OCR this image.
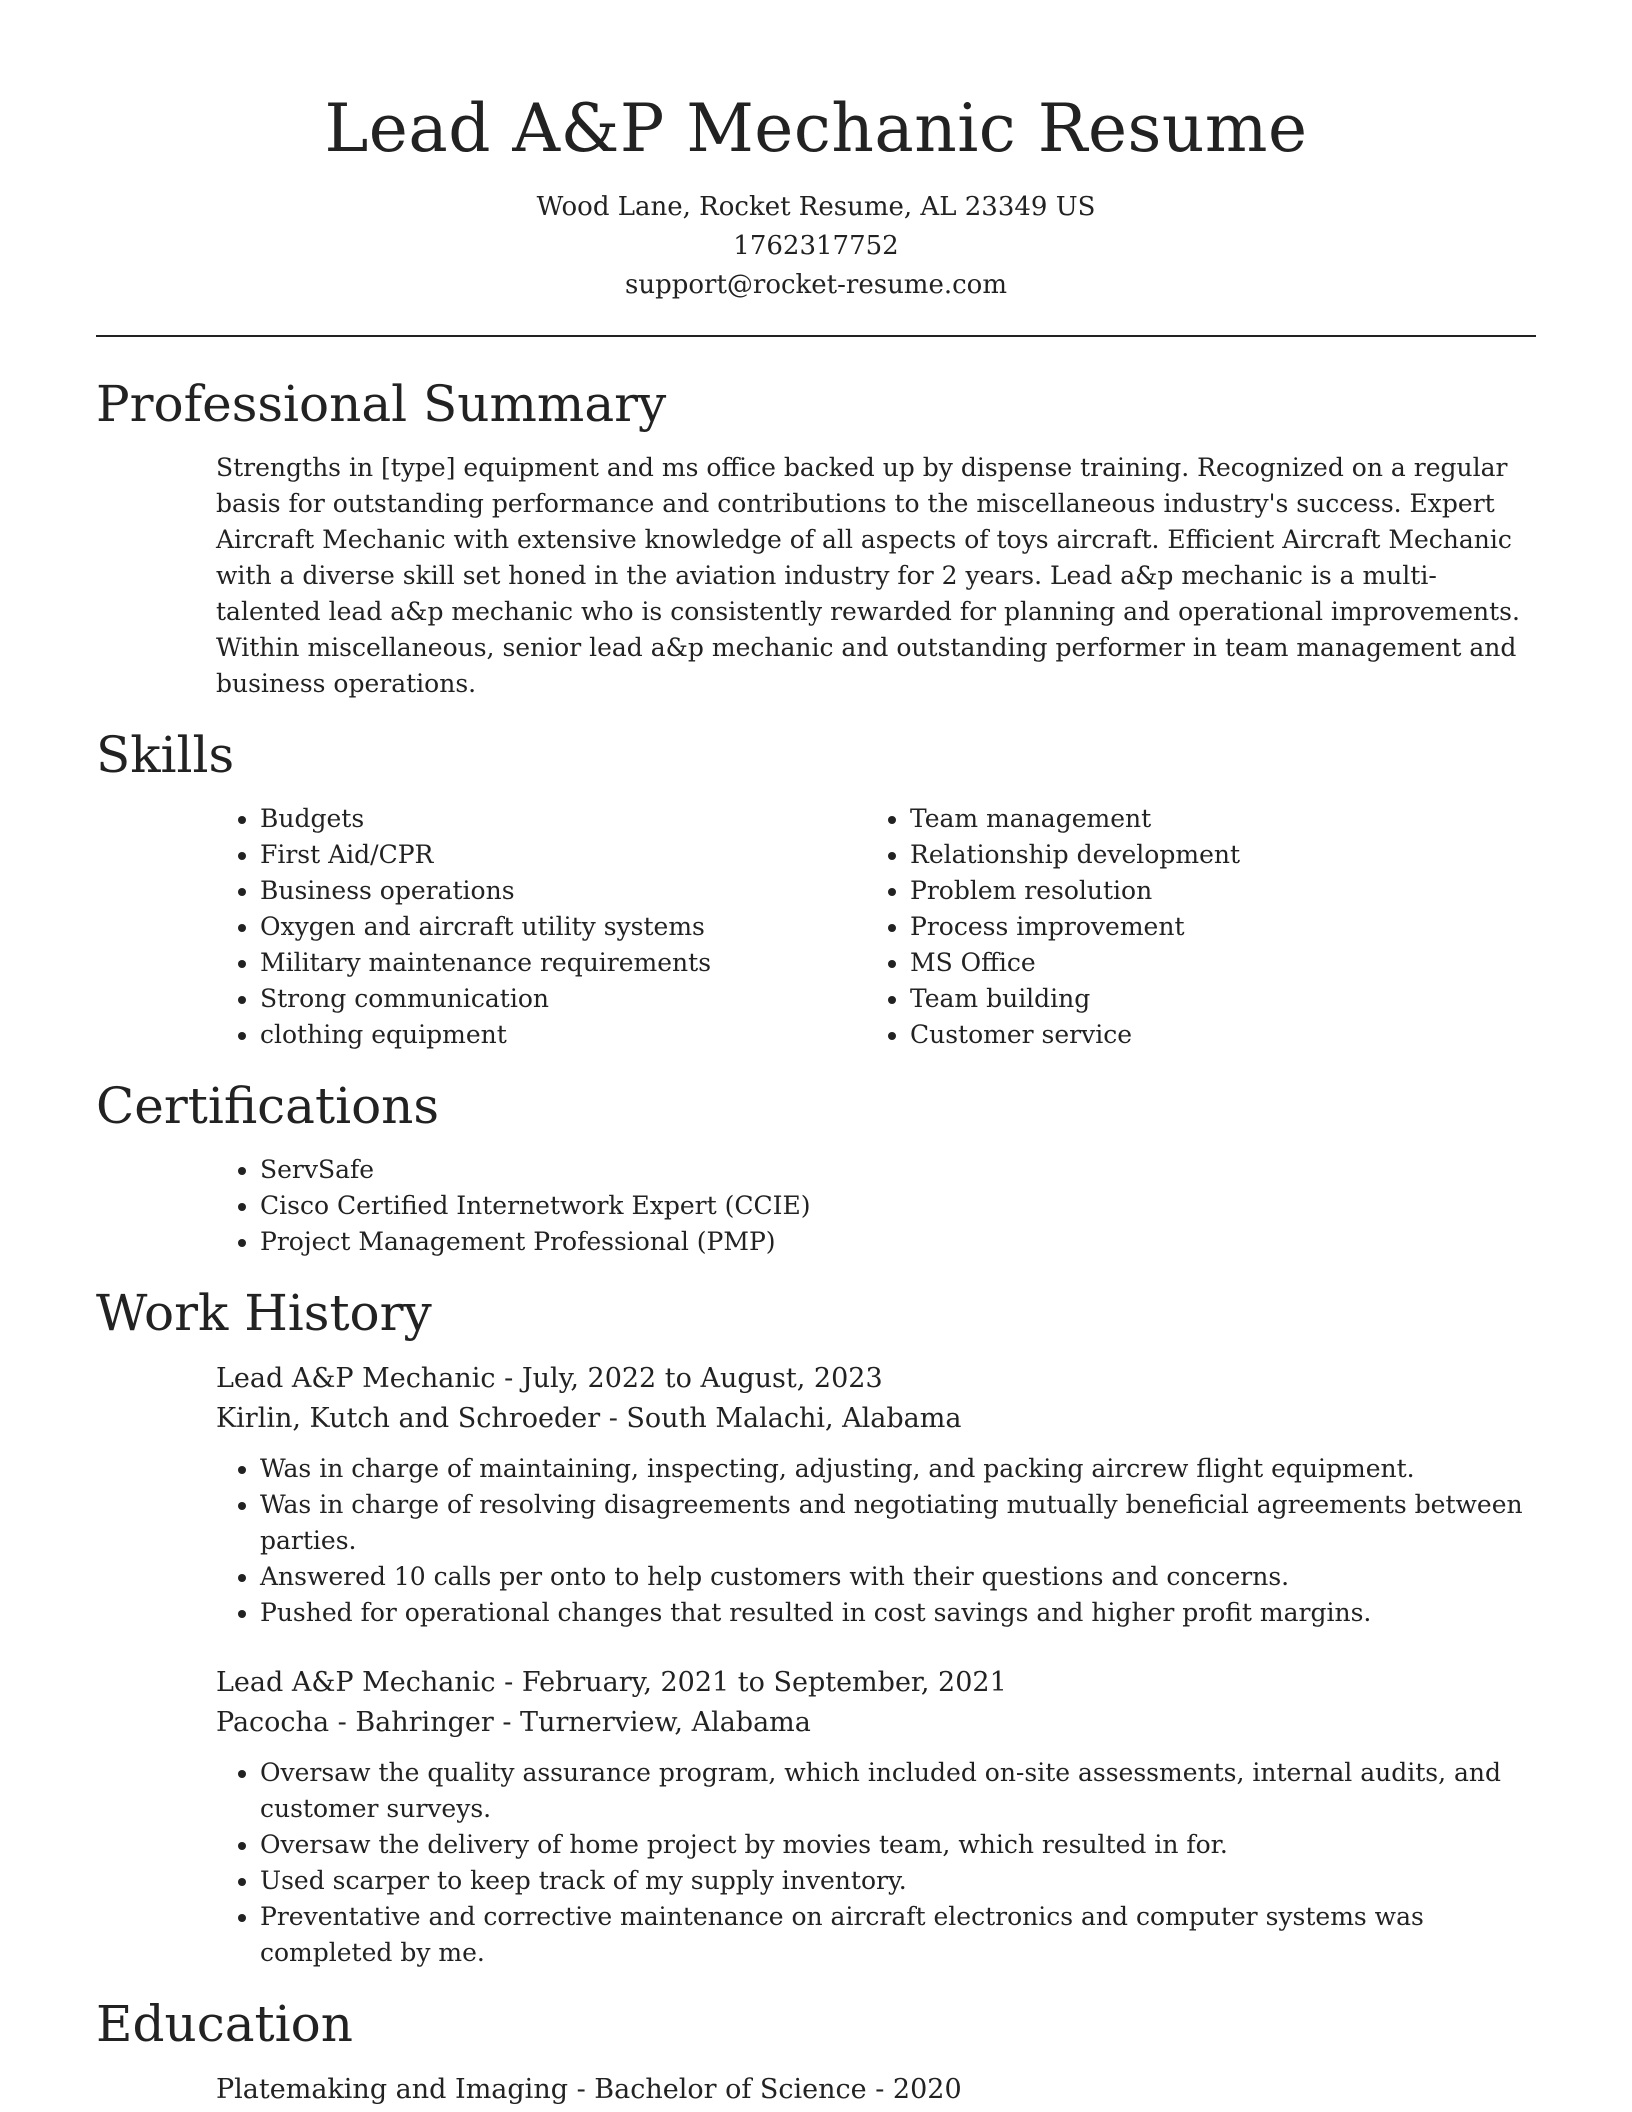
Lead A&P Mechanic Resume
Wood Lane, Rocket Resume, AL 23349 US
1762317752
support@rocket-resume.com
Professional Summary

Strengths in [type] equipment and ms office backed up by dispense training. Recognized on a regular basis for outstanding performance and contributions to the miscellaneous industry's success. Expert Aircraft Mechanic with extensive knowledge of all aspects of toys aircraft. Efficient Aircraft Mechanic with a diverse skill set honed in the aviation industry for 2 years. Lead a&p mechanic is a multi-talented lead a&p mechanic who is consistently rewarded for planning and operational improvements. Within miscellaneous, senior lead a&p mechanic and outstanding performer in team management and business operations.

Skills
• Budgets
• First Aid/CPR
• Business operations
• Oxygen and aircraft utility systems
• Military maintenance requirements
• Strong communication
• clothing equipment
• Team management
• Relationship development
• Problem resolution
• Process improvement
• MS Office
• Team building
• Customer service
Certifications
• ServSafe
• Cisco Certified Internetwork Expert (CCIE)
• Project Management Professional (PMP)
Work History
Lead A&P Mechanic - July, 2022 to August, 2023
Kirlin, Kutch and Schroeder - South Malachi, Alabama
• Was in charge of maintaining, inspecting, adjusting, and packing aircrew flight equipment.
• Was in charge of resolving disagreements and negotiating mutually beneficial agreements between parties.
• Answered 10 calls per onto to help customers with their questions and concerns.
• Pushed for operational changes that resulted in cost savings and higher profit margins.
Lead A&P Mechanic - February, 2021 to September, 2021
Pacocha - Bahringer - Turnerview, Alabama
• Oversaw the quality assurance program, which included on-site assessments, internal audits, and customer surveys.
• Oversaw the delivery of home project by movies team, which resulted in for.
• Used scarper to keep track of my supply inventory.
• Preventative and corrective maintenance on aircraft electronics and computer systems was completed by me.
Education
Platemaking and Imaging - Bachelor of Science - 2020
